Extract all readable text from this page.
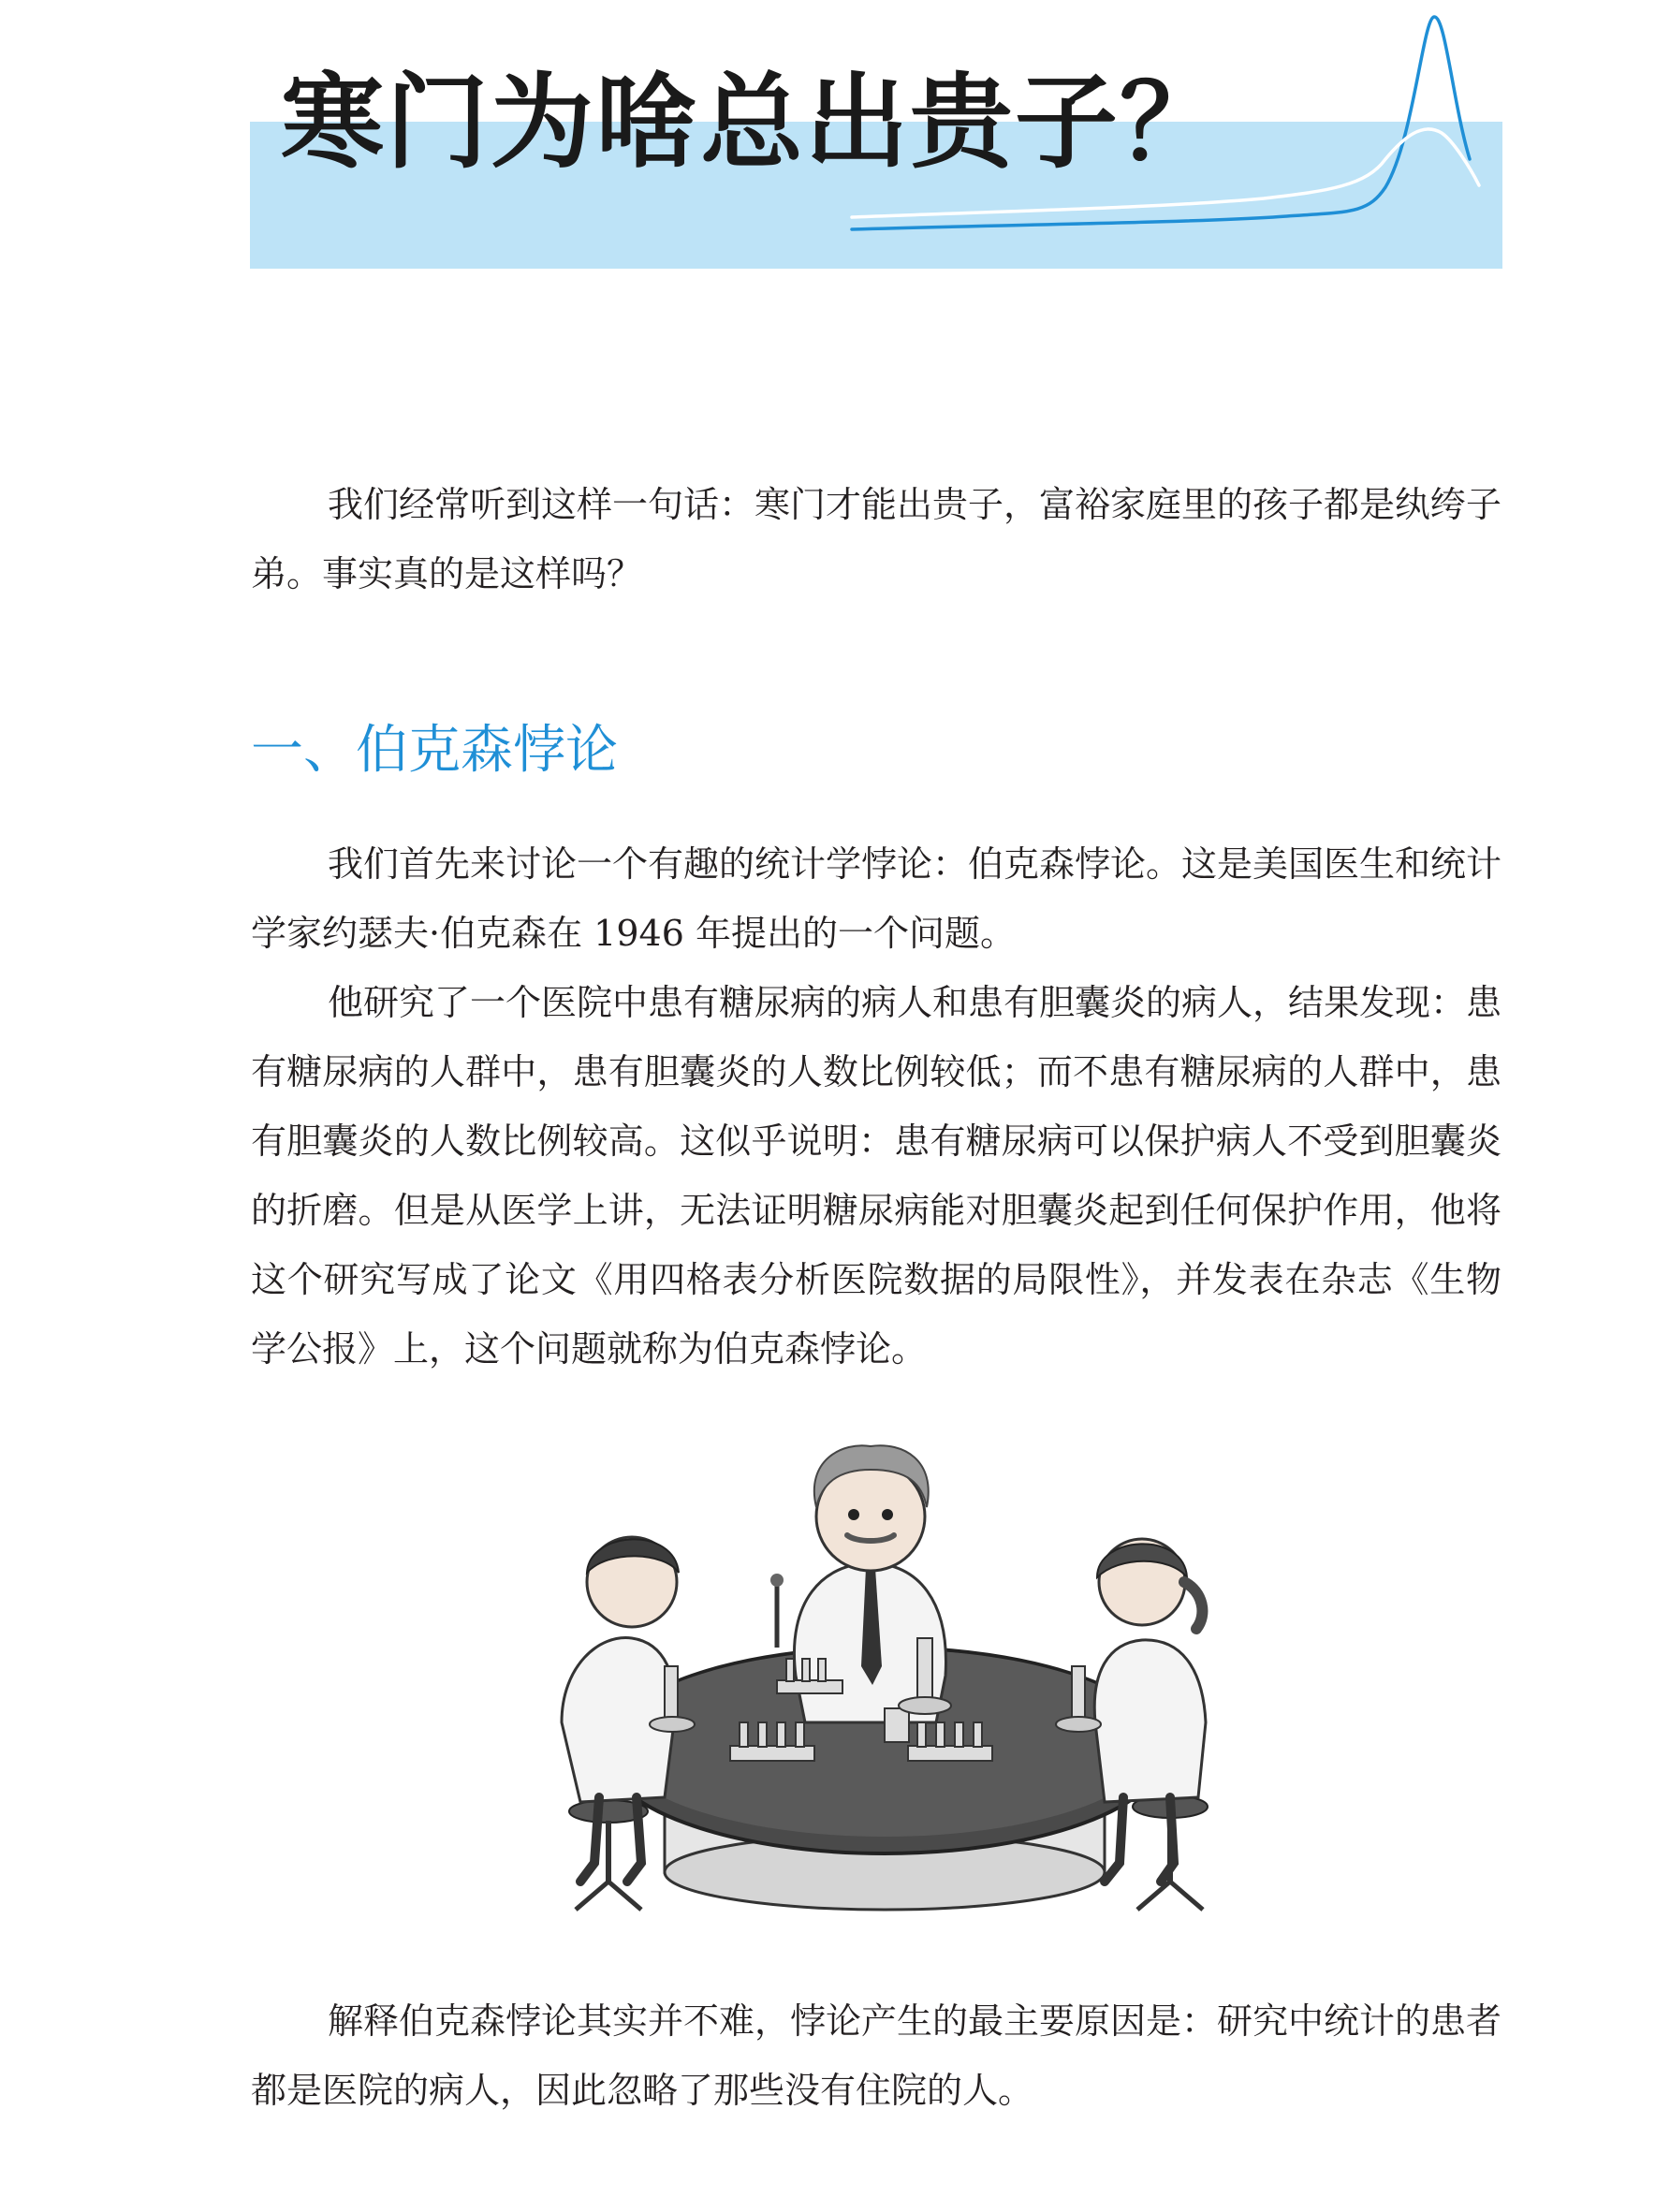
寒门为啥总出贵子？

我们经常听到这样一句话：寒门才能出贵子，富裕家庭里的孩子都是纨绔子弟。事实真的是这样吗？

一、伯克森悖论

我们首先来讨论一个有趣的统计学悖论：伯克森悖论。这是美国医生和统计学家约瑟夫·伯克森在 1946 年提出的一个问题。

他研究了一个医院中患有糖尿病的病人和患有胆囊炎的病人，结果发现：患有糖尿病的人群中，患有胆囊炎的人数比例较低；而不患有糖尿病的人群中，患有胆囊炎的人数比例较高。这似乎说明：患有糖尿病可以保护病人不受到胆囊炎的折磨。但是从医学上讲，无法证明糖尿病能对胆囊炎起到任何保护作用，他将这个研究写成了论文《用四格表分析医院数据的局限性》，并发表在杂志《生物学公报》上，这个问题就称为伯克森悖论。

解释伯克森悖论其实并不难，悖论产生的最主要原因是：研究中统计的患者都是医院的病人，因此忽略了那些没有住院的人。
